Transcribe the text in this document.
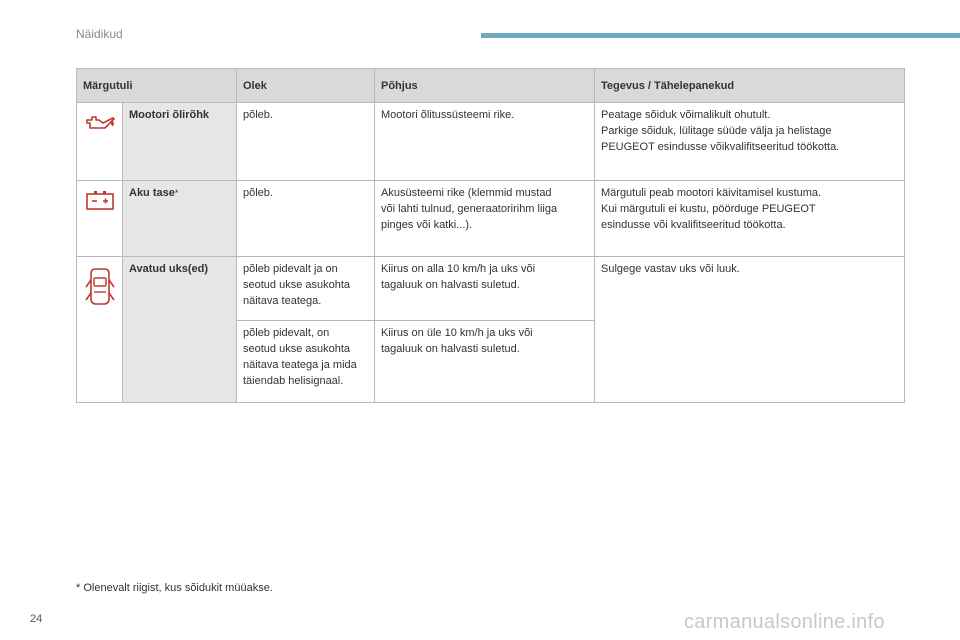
Näidikud
Märgutuli		Olek	Põhjus	Tegevus / Tähelepanekud

	Mootori õlirõhk	põleb.	Mootori õlitussüsteemi rike.	Peatage sõiduk võimalikult ohutult.
Parkige sõiduk, lülitage süüde välja ja helistage
PEUGEOT esindusse võikvalifitseeritud töökotta.

	Aku tase*	põleb.	Akusüsteemi rike (klemmid mustad
või lahti tulnud, generaatoririhm liiga
pinges või katki...).	Märgutuli peab mootori käivitamisel kustuma.
Kui märgutuli ei kustu, pöörduge PEUGEOT
esindusse või kvalifitseeritud töökotta.

	Avatud uks(ed)	põleb pidevalt ja on
seotud ukse asukohta
näitava teatega.	Kiirus on alla 10 km/h ja uks või
tagaluuk on halvasti suletud.	Sulgege vastav uks või luuk.

		põleb pidevalt, on
seotud ukse asukohta
näitava teatega ja mida
täiendab helisignaal.	Kiirus on üle 10 km/h ja uks või
tagaluuk on halvasti suletud.	
* Olenevalt riigist, kus sõidukit müüakse.
24	carmanualsonline.info
